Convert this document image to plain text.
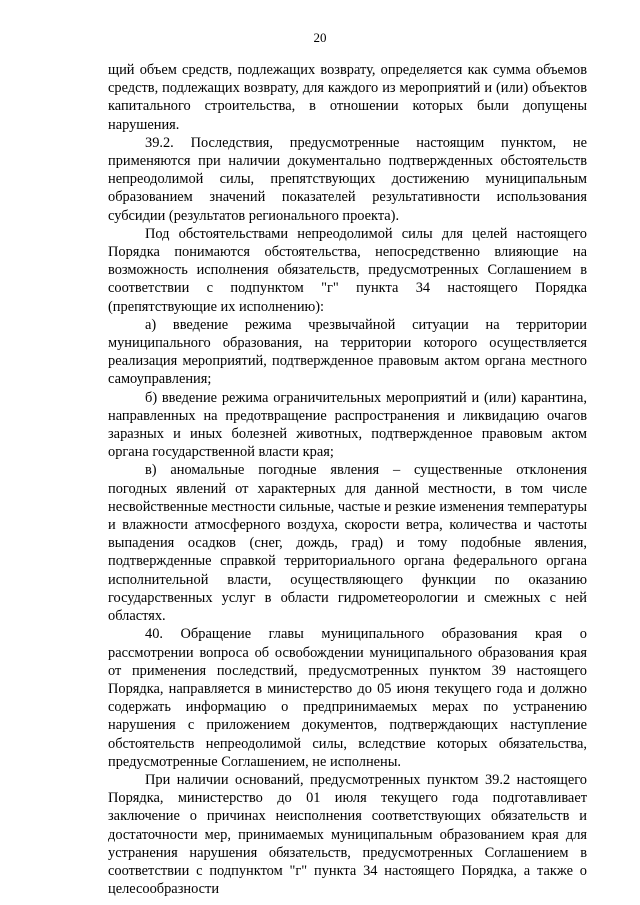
20

щий объем средств, подлежащих возврату, определяется как сумма объемов средств, подлежащих возврату, для каждого из мероприятий и (или) объектов капитального строительства, в отношении которых были допущены нарушения.

39.2. Последствия, предусмотренные настоящим пунктом, не применяются при наличии документально подтвержденных обстоятельств непреодолимой силы, препятствующих достижению муниципальным образованием значений показателей результативности использования субсидии (результатов регионального проекта).

Под обстоятельствами непреодолимой силы для целей настоящего Порядка понимаются обстоятельства, непосредственно влияющие на возможность исполнения обязательств, предусмотренных Соглашением в соответствии с подпунктом "г" пункта 34 настоящего Порядка (препятствующие их исполнению):

а) введение режима чрезвычайной ситуации на территории муниципального образования, на территории которого осуществляется реализация мероприятий, подтвержденное правовым актом органа местного самоуправления;

б) введение режима ограничительных мероприятий и (или) карантина, направленных на предотвращение распространения и ликвидацию очагов заразных и иных болезней животных, подтвержденное правовым актом органа государственной власти края;

в) аномальные погодные явления – существенные отклонения погодных явлений от характерных для данной местности, в том числе несвойственные местности сильные, частые и резкие изменения температуры и влажности атмосферного воздуха, скорости ветра, количества и частоты выпадения осадков (снег, дождь, град) и тому подобные явления, подтвержденные справкой территориального органа федерального органа исполнительной власти, осуществляющего функции по оказанию государственных услуг в области гидрометеорологии и смежных с ней областях.

40. Обращение главы муниципального образования края о рассмотрении вопроса об освобождении муниципального образования края от применения последствий, предусмотренных пунктом 39 настоящего Порядка, направляется в министерство до 05 июня текущего года и должно содержать информацию о предпринимаемых мерах по устранению нарушения с приложением документов, подтверждающих наступление обстоятельств непреодолимой силы, вследствие которых обязательства, предусмотренные Соглашением, не исполнены.

При наличии оснований, предусмотренных пунктом 39.2 настоящего Порядка, министерство до 01 июля текущего года подготавливает заключение о причинах неисполнения соответствующих обязательств и достаточности мер, принимаемых муниципальным образованием края для устранения нарушения обязательств, предусмотренных Соглашением в соответствии с подпунктом "г" пункта 34 настоящего Порядка, а также о целесообразности
